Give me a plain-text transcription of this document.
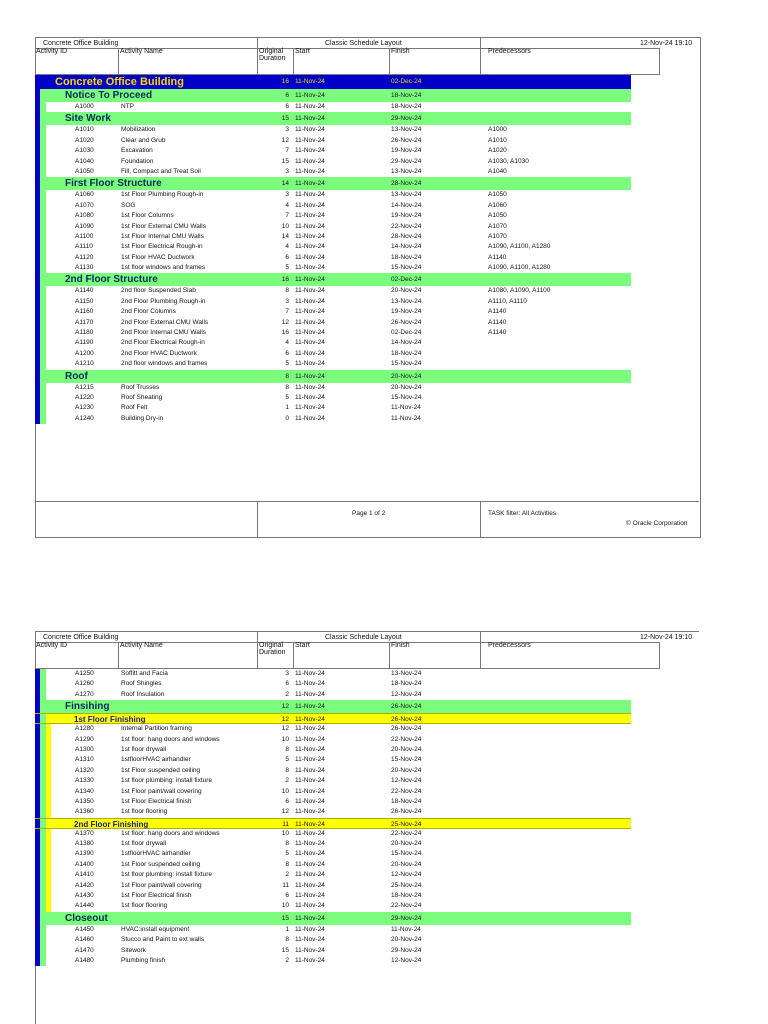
Concrete Office Building	Classic Schedule Layout	12-Nov-24 19:10
Activity ID	Activity Name	Original
Duration
Start	Finish	Predecessors
Concrete Office Building	16 11-Nov-24	02-Dec-24
Notice To Proceed	6 11-Nov-24	18-Nov-24
A1000	NTP	6 11-Nov-24	18-Nov-24
Site Work	15 11-Nov-24	29-Nov-24
A1010	Mobilization	3 11-Nov-24	13-Nov-24	A1000
A1020	Clear and Grub	12 11-Nov-24	26-Nov-24	A1010
A1030	Excavation	7 11-Nov-24	19-Nov-24	A1020
A1040	Foundation	15 11-Nov-24	29-Nov-24	A1030, A1030
A1050	Fill, Compact and Treat Soil	3 11-Nov-24	13-Nov-24	A1040
First Floor Structure	14 11-Nov-24	28-Nov-24
A1060	1st Floor Plumbing Rough-in	3 11-Nov-24	13-Nov-24	A1050
A1070	SOG	4 11-Nov-24	14-Nov-24	A1060
A1080	1st Floor Columns	7 11-Nov-24	19-Nov-24	A1050
A1090	1st Floor External CMU Walls	10 11-Nov-24	22-Nov-24	A1070
A1100	1st Floor Internal CMU Walls	14 11-Nov-24	28-Nov-24	A1070
A1110	1st Floor Electrical Rough-in	4 11-Nov-24	14-Nov-24	A1090, A1100, A1280
A1120	1st Floor HVAC Ductwork	6 11-Nov-24	18-Nov-24	A1140
A1130	1st floor windows and frames	5 11-Nov-24	15-Nov-24	A1090, A1100, A1280
2nd Floor Structure	16 11-Nov-24	02-Dec-24
A1140	2nd floor Suspended Slab	8 11-Nov-24	20-Nov-24	A1080, A1090, A1100
A1150	2nd Floor Plumbing Rough-in	3 11-Nov-24	13-Nov-24	A1110, A1110
A1160	2nd Floor Columns	7 11-Nov-24	19-Nov-24	A1140
A1170	2nd Floor External CMU Walls	12 11-Nov-24	26-Nov-24	A1140
A1180	2nd Floor Internal CMU Walls	16 11-Nov-24	02-Dec-24	A1140
A1190	2nd Floor Electrical Rough-in	4 11-Nov-24	14-Nov-24
A1200	2nd Floor HVAC Ductwork	6 11-Nov-24	18-Nov-24
A1210	2nd floor windows and frames	5 11-Nov-24	15-Nov-24
Roof	8 11-Nov-24	20-Nov-24
A1215	Roof Trusses	8 11-Nov-24	20-Nov-24
A1220	Roof Sheating	5 11-Nov-24	15-Nov-24
A1230	Roof Felt	1 11-Nov-24	11-Nov-24
A1240	Building Dry-in	0 11-Nov-24	11-Nov-24
Page 1 of 2	TASK filter: All Activities
© Oracle Corporation
Concrete Office Building	Classic Schedule Layout	12-Nov-24 19:10
Activity ID	Activity Name	Original
Duration
Start	Finish	Predecessors
A1250	Soffitt and Facia	3 11-Nov-24	13-Nov-24
A1260	Roof Shingles	6 11-Nov-24	18-Nov-24
A1270	Roof Insulation	2 11-Nov-24	12-Nov-24
Finsihing	12 11-Nov-24	26-Nov-24
1st Floor Finishing	12 11-Nov-24	26-Nov-24
A1280	Internal Partition framing	12 11-Nov-24	26-Nov-24
A1290	1st floor: hang doors and windows	10 11-Nov-24	22-Nov-24
A1300	1st floor drywall	8 11-Nov-24	20-Nov-24
A1310	1stfloorHVAC airhandler	5 11-Nov-24	15-Nov-24
A1320	1st Floor suspended ceiling	8 11-Nov-24	20-Nov-24
A1330	1st floor plumbing: install fixture	2 11-Nov-24	12-Nov-24
A1340	1st Floor paint/wall covering	10 11-Nov-24	22-Nov-24
A1350	1st Floor Electrical finish	6 11-Nov-24	18-Nov-24
A1360	1st floor flooring	12 11-Nov-24	26-Nov-24
2nd Floor Finishing	11 11-Nov-24	25-Nov-24
A1370	1st floor: hang doors and windows	10 11-Nov-24	22-Nov-24
A1380	1st floor drywall	8 11-Nov-24	20-Nov-24
A1390	1stfloorHVAC airhandler	5 11-Nov-24	15-Nov-24
A1400	1st Floor suspended ceiling	8 11-Nov-24	20-Nov-24
A1410	1st floor plumbing: install fixture	2 11-Nov-24	12-Nov-24
A1420	1st Floor paint/wall covering	11 11-Nov-24	25-Nov-24
A1430	1st Floor Electrical finish	6 11-Nov-24	18-Nov-24
A1440	1st floor flooring	10 11-Nov-24	22-Nov-24
Closeout	15 11-Nov-24	29-Nov-24
A1450	HVAC:install equipment	1 11-Nov-24	11-Nov-24
A1460	Stucco and Paint to ext walls	8 11-Nov-24	20-Nov-24
A1470	Sitework	15 11-Nov-24	29-Nov-24
A1480	Plumbing finish	2 11-Nov-24	12-Nov-24
